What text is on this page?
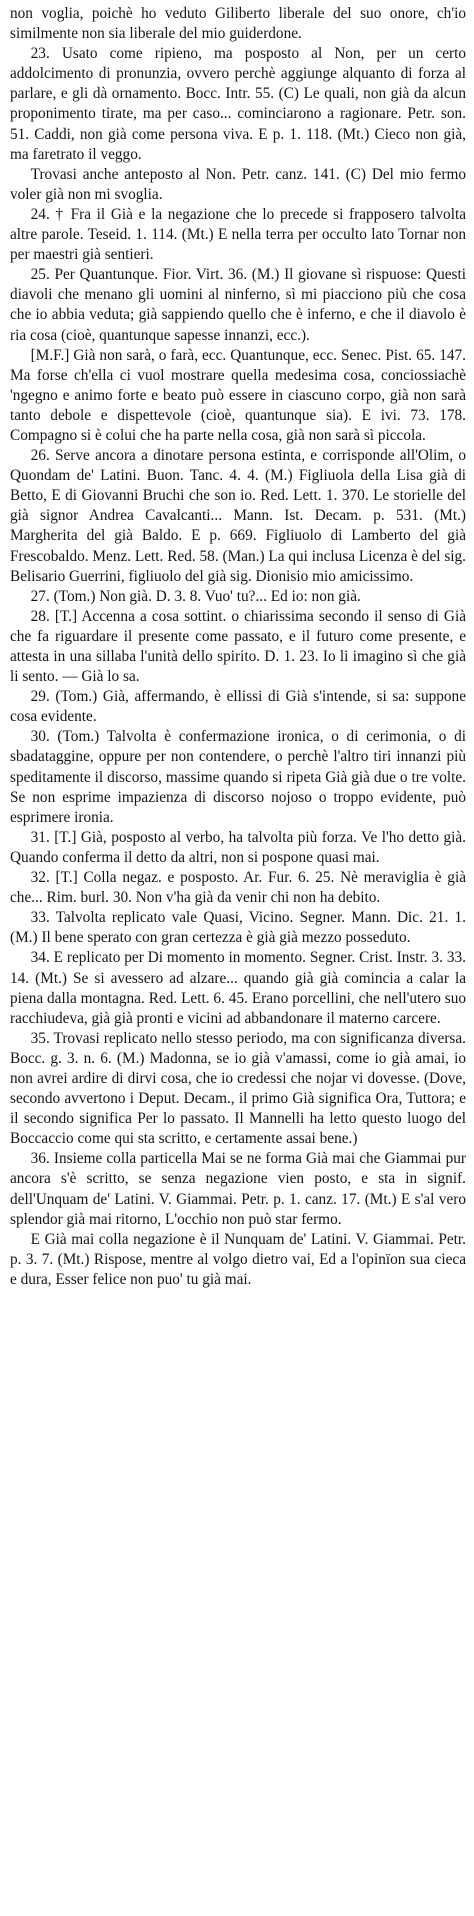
non voglia, poichè ho veduto Giliberto liberale del suo onore, ch'io similmente non sia liberale del mio guiderdone.

23. Usato come ripieno, ma posposto al Non, per un certo addolcimento di pronunzia, ovvero perchè aggiunge alquanto di forza al parlare, e gli dà ornamento. Bocc. Intr. 55. (C) Le quali, non già da alcun proponimento tirate, ma per caso... cominciarono a ragionare. Petr. son. 51. Caddi, non già come persona viva. E p. 1. 118. (Mt.) Cieco non già, ma faretrato il veggo.

Trovasi anche anteposto al Non. Petr. canz. 141. (C) Del mio fermo voler già non mi svoglia.

24. † Fra il Già e la negazione che lo precede si frapposero talvolta altre parole. Teseid. 1. 114. (Mt.) E nella terra per occulto lato Tornar non per maestri già sentieri.

25. Per Quantunque. Fior. Virt. 36. (M.) Il giovane sì rispuose: Questi diavoli che menano gli uomini al ninferno, sì mi piacciono più che cosa che io abbia veduta; già sappiendo quello che è inferno, e che il diavolo è ria cosa (cioè, quantunque sapesse innanzi, ecc.).

[M.F.] Già non sarà, o farà, ecc. Quantunque, ecc. Senec. Pist. 65. 147. Ma forse ch'ella ci vuol mostrare quella medesima cosa, conciossiachè 'ngegno e animo forte e beato può essere in ciascuno corpo, già non sarà tanto debole e dispettevole (cioè, quantunque sia). E ivi. 73. 178. Compagno si è colui che ha parte nella cosa, già non sarà sì piccola.

26. Serve ancora a dinotare persona estinta, e corrisponde all'Olim, o Quondam de' Latini. Buon. Tanc. 4. 4. (M.) Figliuola della Lisa già di Betto, E di Giovanni Bruchi che son io. Red. Lett. 1. 370. Le storielle del già signor Andrea Cavalcanti... Mann. Ist. Decam. p. 531. (Mt.) Margherita del già Baldo. E p. 669. Figliuolo di Lamberto del già Frescobaldo. Menz. Lett. Red. 58. (Man.) La qui inclusa Licenza è del sig. Belisario Guerrini, figliuolo del già sig. Dionisio mio amicissimo.

27. (Tom.) Non già. D. 3. 8. Vuo' tu?... Ed io: non già.

28. [T.] Accenna a cosa sottint. o chiarissima secondo il senso di Già che fa riguardare il presente come passato, e il futuro come presente, e attesta in una sillaba l'unità dello spirito. D. 1. 23. Io li imagino sì che già li sento. — Già lo sa.

29. (Tom.) Già, affermando, è ellissi di Già s'intende, si sa: suppone cosa evidente.

30. (Tom.) Talvolta è confermazione ironica, o di cerimonia, o di sbadataggine, oppure per non contendere, o perchè l'altro tiri innanzi più speditamente il discorso, massime quando si ripeta Già già due o tre volte. Se non esprime impazienza di discorso nojoso o troppo evidente, può esprimere ironia.

31. [T.] Già, posposto al verbo, ha talvolta più forza. Ve l'ho detto già. Quando conferma il detto da altri, non si pospone quasi mai.

32. [T.] Colla negaz. e posposto. Ar. Fur. 6. 25. Nè meraviglia è già che... Rim. burl. 30. Non v'ha già da venir chi non ha debito.

33. Talvolta replicato vale Quasi, Vicino. Segner. Mann. Dic. 21. 1. (M.) Il bene sperato con gran certezza è già già mezzo posseduto.

34. E replicato per Di momento in momento. Segner. Crist. Instr. 3. 33. 14. (Mt.) Se si avessero ad alzare... quando già già comincia a calar la piena dalla montagna. Red. Lett. 6. 45. Erano porcellini, che nell'utero suo racchiudeva, già già pronti e vicini ad abbandonare il materno carcere.

35. Trovasi replicato nello stesso periodo, ma con significanza diversa. Bocc. g. 3. n. 6. (M.) Madonna, se io già v'amassi, come io già amai, io non avrei ardire di dirvi cosa, che io credessi che nojar vi dovesse. (Dove, secondo avvertono i Deput. Decam., il primo Già significa Ora, Tuttora; e il secondo significa Per lo passato. Il Mannelli ha letto questo luogo del Boccaccio come qui sta scritto, e certamente assai bene.)

36. Insieme colla particella Mai se ne forma Già mai che Giammai pur ancora s'è scritto, se senza negazione vien posto, e sta in signif. dell'Unquam de' Latini. V. Giammai. Petr. p. 1. canz. 17. (Mt.) E s'al vero splendor già mai ritorno, L'occhio non può star fermo.

E Già mai colla negazione è il Nunquam de' Latini. V. Giammai. Petr. p. 3. 7. (Mt.) Rispose, mentre al volgo dietro vai, Ed a l'opinïon sua cieca e dura, Esser felice non puo' tu già mai.
